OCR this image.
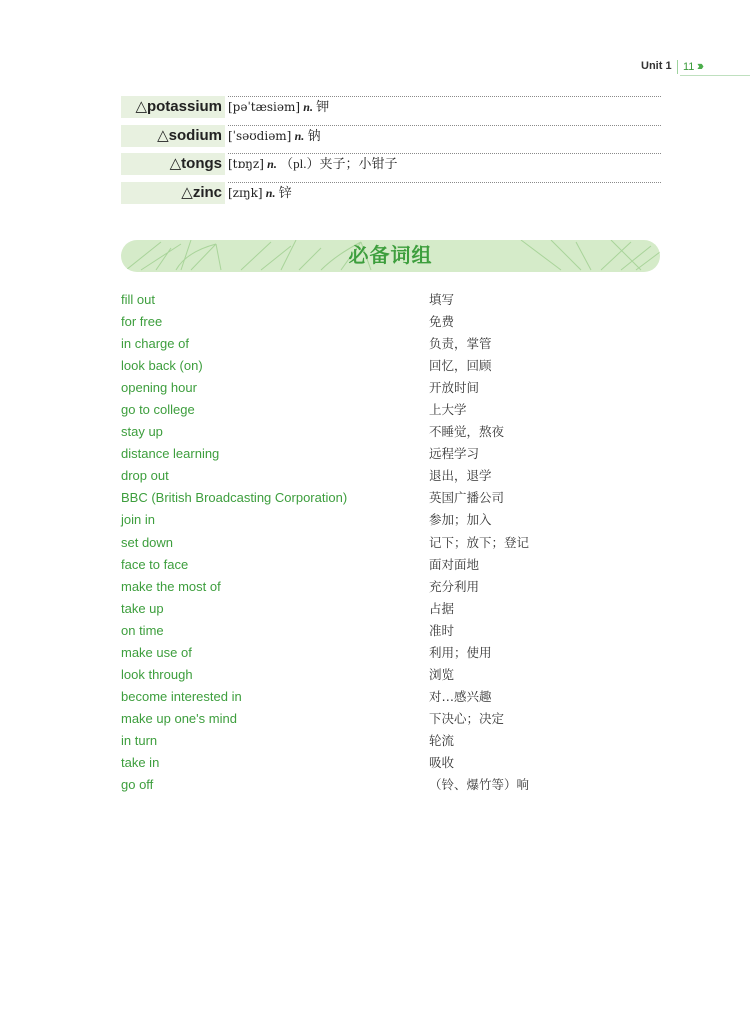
Unit 1 11 ›››
△potassium [pəˈtæsiəm] n. 钾
△sodium [ˈsəʊdiəm] n. 钠
△tongs [tɒŋz] n. （pl.）夹子；小钳子
△zinc [zɪŋk] n. 锌
必备词组
fill out	填写
for free	免费
in charge of	负责，掌管
look back (on)	回忆，回顾
opening hour	开放时间
go to college	上大学
stay up	不睡觉，熬夜
distance learning	远程学习
drop out	退出，退学
BBC (British Broadcasting Corporation)	英国广播公司
join in	参加；加入
set down	记下；放下；登记
face to face	面对面地
make the most of	充分利用
take up	占据
on time	准时
make use of	利用；使用
look through	浏览
become interested in	对…感兴趣
make up one's mind	下决心；决定
in turn	轮流
take in	吸收
go off	（铃、爆竹等）响
